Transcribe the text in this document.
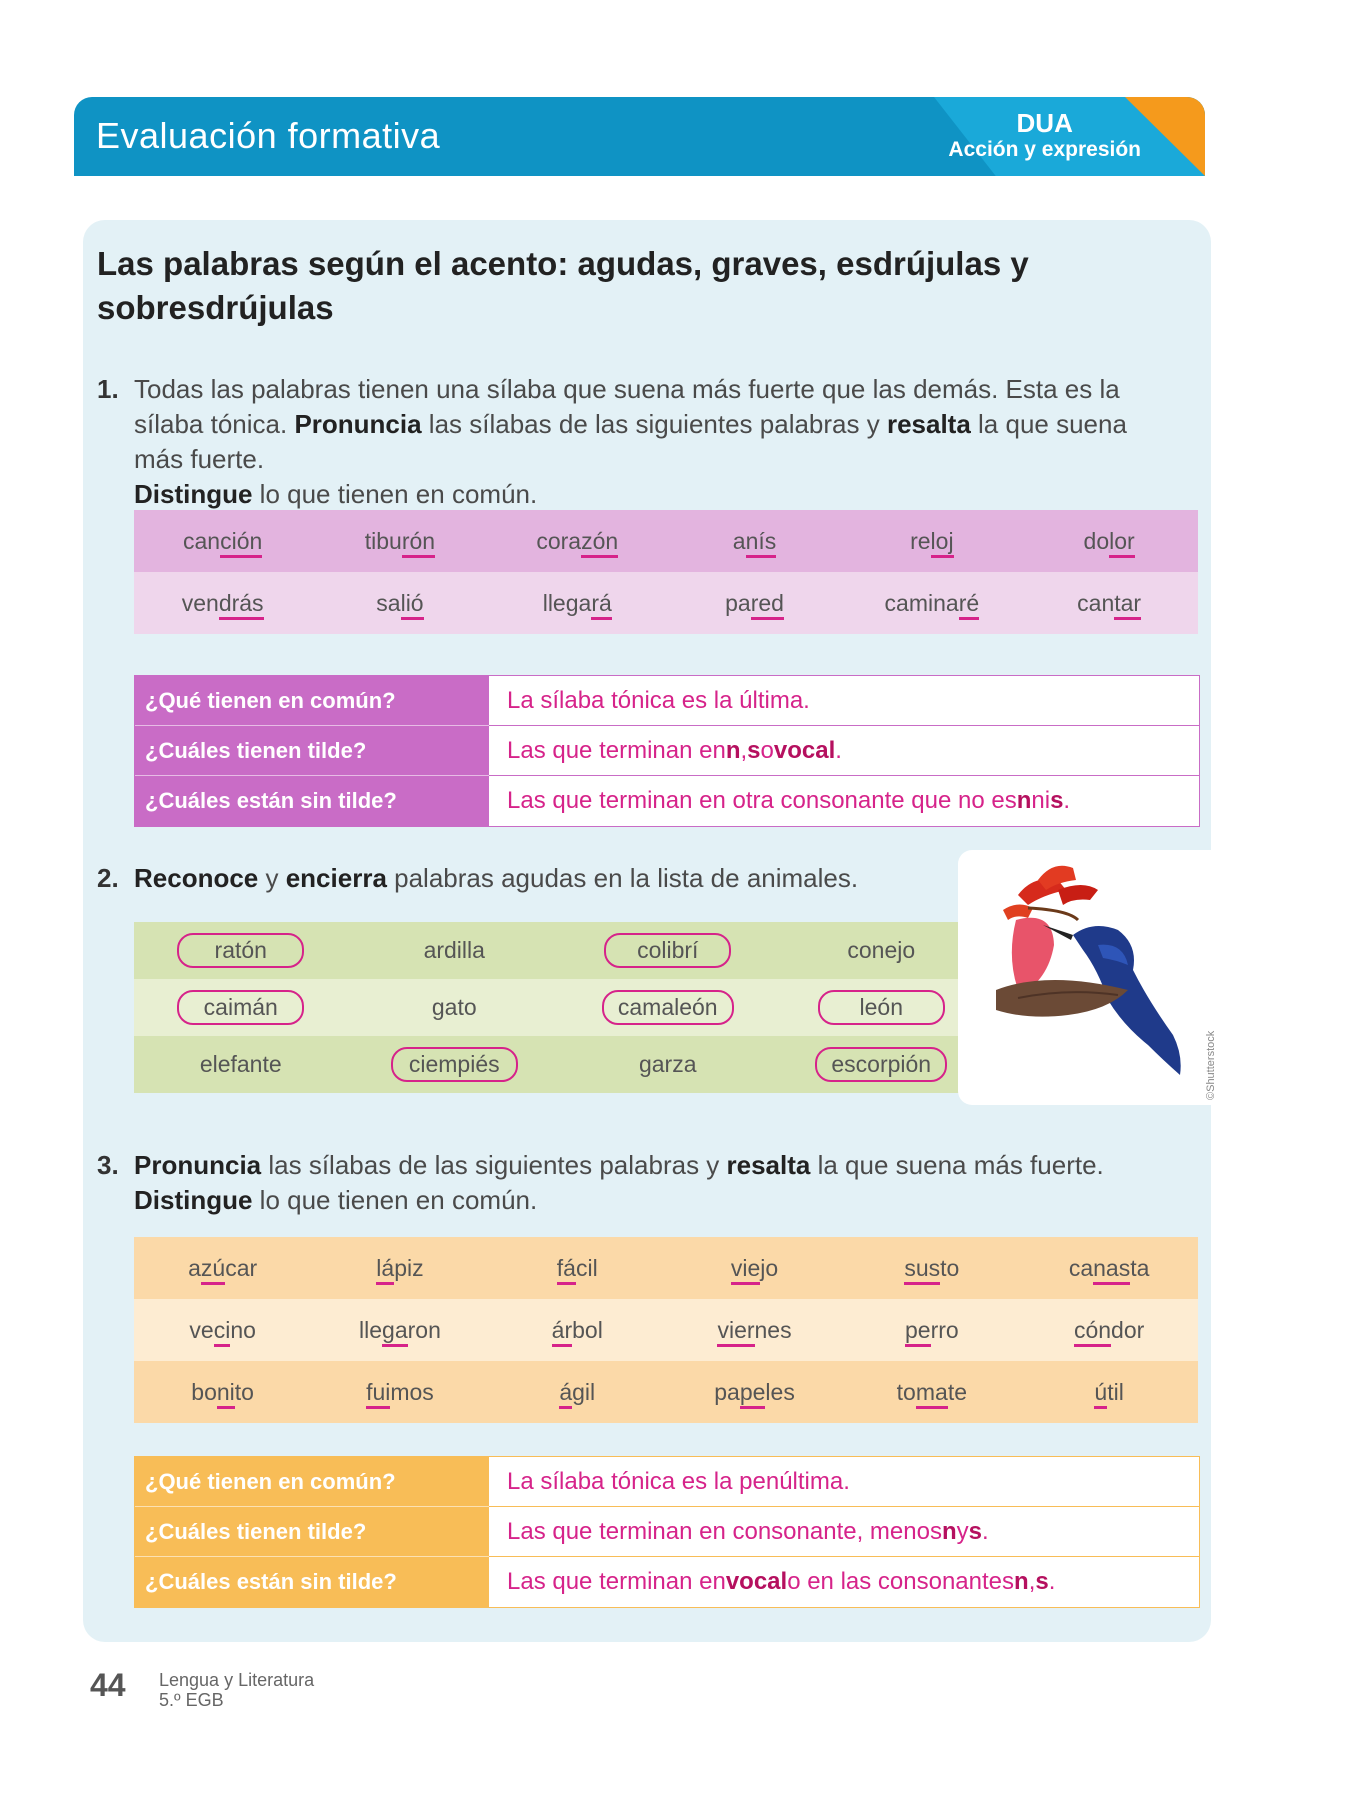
Evaluación formativa	DUA
Acción y expresión
Las palabras según el acento: agudas, graves, esdrújulas y sobresdrújulas
1. Todas las palabras tienen una sílaba que suena más fuerte que las demás. Esta es la sílaba tónica. Pronuncia las sílabas de las siguientes palabras y resalta la que suena más fuerte.
Distingue lo que tienen en común.
canción	tiburón	corazón	anís	reloj	dolor
vendrás	salió	llegará	pared	caminaré	cantar
¿Qué tienen en común?	La sílaba tónica es la última.
¿Cuáles tienen tilde?	Las que terminan en n , s o vocal .
¿Cuáles están sin tilde?	Las que terminan en otra consonante que no es n ni s .
2. Reconoce y encierra palabras agudas en la lista de animales.
ratón	ardilla	colibrí	conejo
caimán	gato	camaleón	león
elefante	ciempiés	garza	escorpión	©Shutterstock
3. Pronuncia las sílabas de las siguientes palabras y resalta la que suena más fuerte.
Distingue lo que tienen en común.
azúcar	lápiz	fácil	viejo	susto	canasta
vecino	llegaron	árbol	viernes	perro	cóndor
bonito	fuimos	ágil	papeles	tomate	útil
¿Qué tienen en común?	La sílaba tónica es la penúltima.
¿Cuáles tienen tilde?	Las que terminan en consonante, menos n y s .
¿Cuáles están sin tilde?	Las que terminan en vocal o en las consonantes n , s .
44 Lengua y Literatura
5.º EGB
